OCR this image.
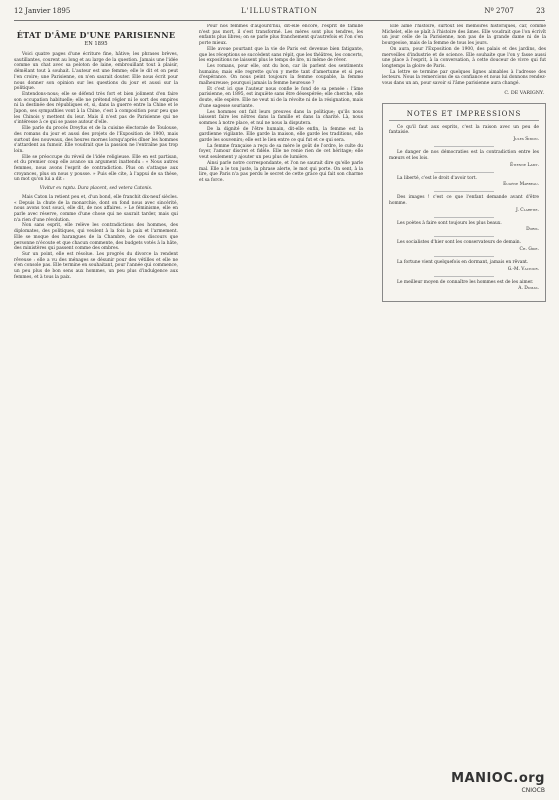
12 Janvier 1895	L'ILLUSTRATION	Nº 2707	23
ÉTAT D'ÂME D'UNE PARISIENNE
EN 1895

Voici quatre pages d'une écriture fine, hâtive; les phrases brèves, sautillantes, courent au long et au large de la question. Jamais une l'idée comme un chat avec sa peloton de laine, embrouillant tout à plaisir, démêlant tout à souhait. L'auteur est une femme; elle le dit et on peut l'en croire; une Parisienne, on n'en saurait douter. Elle nous écrit pour nous donner son opinion sur les questions du jour et aussi sur la politique.

Entendons-nous; elle se défend très fort et bien joliment d'en faire son occupation habituelle; elle ne prétend régler ni le sort des empires ni la destinée des républiques et, si, dans la guerre entre la Chine et le Japon, ses sympathies vont à la Chine, c'est à composition pour peu que les Chinois y mettent du leur. Mais il n'est pas de Parisienne qui ne s'intéresse à ce qui se passe autour d'elle.

Elle parle du procès Dreyfus et de la cuisine électorale de Toulouse, des romans du jour et aussi des projets de l'Exposition de 1900, mais surtout des nouveaux, des heures mornes lorsqu'après dîner les hommes s'attardent au fumoir. Elle voudrait que la passion ne l'entraîne pas trop loin.

Elle se préoccupe du réveil de l'idée religieuse. Elle en est partisan, et du premier coup elle avance un argument inattendu : « Nous autres femmes, nous avons l'esprit de contradiction. Plus on s'attaque aux croyances, plus on nous y pousse. » Puis elle cite, à l'appui de sa thèse, un mot qu'on lui a dit :

Vivitur ex raptu. Dura placent, sed vetera Catonis.

Mais Caton la retient peu et, d'un bond, elle franchit dix-neuf siècles. « Depuis la chute de la monarchie, dont on fond nous avec sincérité, nous avons tout souci, elle dit, de nos affaires. » Le féminisme, elle en parle avec réserve, comme d'une chose qui ne saurait tarder, mais qui n'a rien d'une révolution.

Non sans esprit, elle relève les contradictions des hommes, des diplomates, des politiques, qui veulent à la fois la paix et l'armement. Elle se moque des harangues de la Chambre, de ces discours que personne n'écoute et que chacun commente, des budgets votés à la hâte, des ministères qui passent comme des ombres.

Sur un point, elle est résolue. Les progrès du divorce la rendent rêveuse : elle a vu des ménages se désunir pour des vétilles et elle ne s'en console pas. Elle termine en souhaitant, pour l'année qui commence, un peu plus de bon sens aux hommes, un peu plus d'indulgence aux femmes, et à tous la paix.

Pour nos femmes d'aujourd'hui, dit-elle encore, l'esprit de famille n'est pas mort, il s'est transformé. Les mères sont plus tendres, les enfants plus libres; on se parle plus franchement qu'autrefois et l'on s'en porte mieux.

Elle avoue pourtant que la vie de Paris est devenue bien fatigante, que les réceptions se succèdent sans répit, que les théâtres, les concerts, les expositions ne laissent plus le temps de lire, ni même de rêver.

Les romans, pour elle, ont du bon, car ils parlent des sentiments humains; mais elle regrette qu'on y mette tant d'amertume et si peu d'espérance. On nous peint toujours la femme coupable, la femme malheureuse; pourquoi jamais la femme heureuse ?

Et c'est ici que l'auteur nous confie le fond de sa pensée : l'âme parisienne, en 1895, est inquiète sans être désespérée; elle cherche, elle doute, elle espère. Elle ne veut ni de la révolte ni de la résignation, mais d'une sagesse souriante.

Les hommes ont fait leurs preuves dans la politique; qu'ils nous laissent faire les nôtres dans la famille et dans la charité. Là, nous sommes à notre place, et nul ne nous la disputera.

De la dignité de l'être humain, dit-elle enfin, la femme est la gardienne vigilante. Elle garde la maison, elle garde les traditions, elle garde les souvenirs; elle est le lien entre ce qui fut et ce qui sera.

La femme française a reçu de sa mère le goût de l'ordre, le culte du foyer, l'amour discret et fidèle. Elle ne renie rien de cet héritage; elle veut seulement y ajouter un peu plus de lumière.

Ainsi parle notre correspondante, et l'on ne saurait dire qu'elle parle mal. Elle a le ton juste, la phrase alerte, le mot qui porte. On sent, à la lire, que Paris n'a pas perdu le secret de cette grâce qui fait son charme et sa force.

Elle aime l'histoire, surtout les mémoires historiques, car, comme Michelet, elle se plaît à l'histoire des âmes. Elle voudrait que l'on écrivît un jour celle de la Parisienne, non pas de la grande dame ni de la bourgeoise, mais de la femme de tous les jours.

On aura, pour l'Exposition de 1900, des palais et des jardins, des merveilles d'industrie et de science. Elle souhaite que l'on y fasse aussi une place à l'esprit, à la conversation, à cette douceur de vivre qui fut longtemps la gloire de Paris.

La lettre se termine par quelques lignes aimables à l'adresse des lecteurs. Nous la remercions de sa confiance et nous lui donnons rendez-vous dans un an, pour savoir si l'âme parisienne aura changé.

C. DE VARIGNY.
NOTES ET IMPRESSIONS

Ce qu'il faut aux esprits, c'est la raison avec un peu de fantaisie.

Jules Simon.

Le danger de nos démocraties est la contradiction entre les mœurs et les lois.

Étienne Lamy.

La liberté, c'est le droit d'avoir tort.

Eugène Marbeau.

Des images ! c'est ce que l'enfant demande avant d'être homme.

J. Claretie.

Les poètes à faire sont toujours les plus beaux.

Doris.

Les socialistes d'hier sont les conservateurs de demain.

Ch. Gide.

La fortune vient quelquefois en dormant, jamais en rêvant.

G.-M. Valtour.

Le meilleur moyen de connaître les hommes est de les aimer.

A. Dumas.
MANIOC.org
CNIOCB
